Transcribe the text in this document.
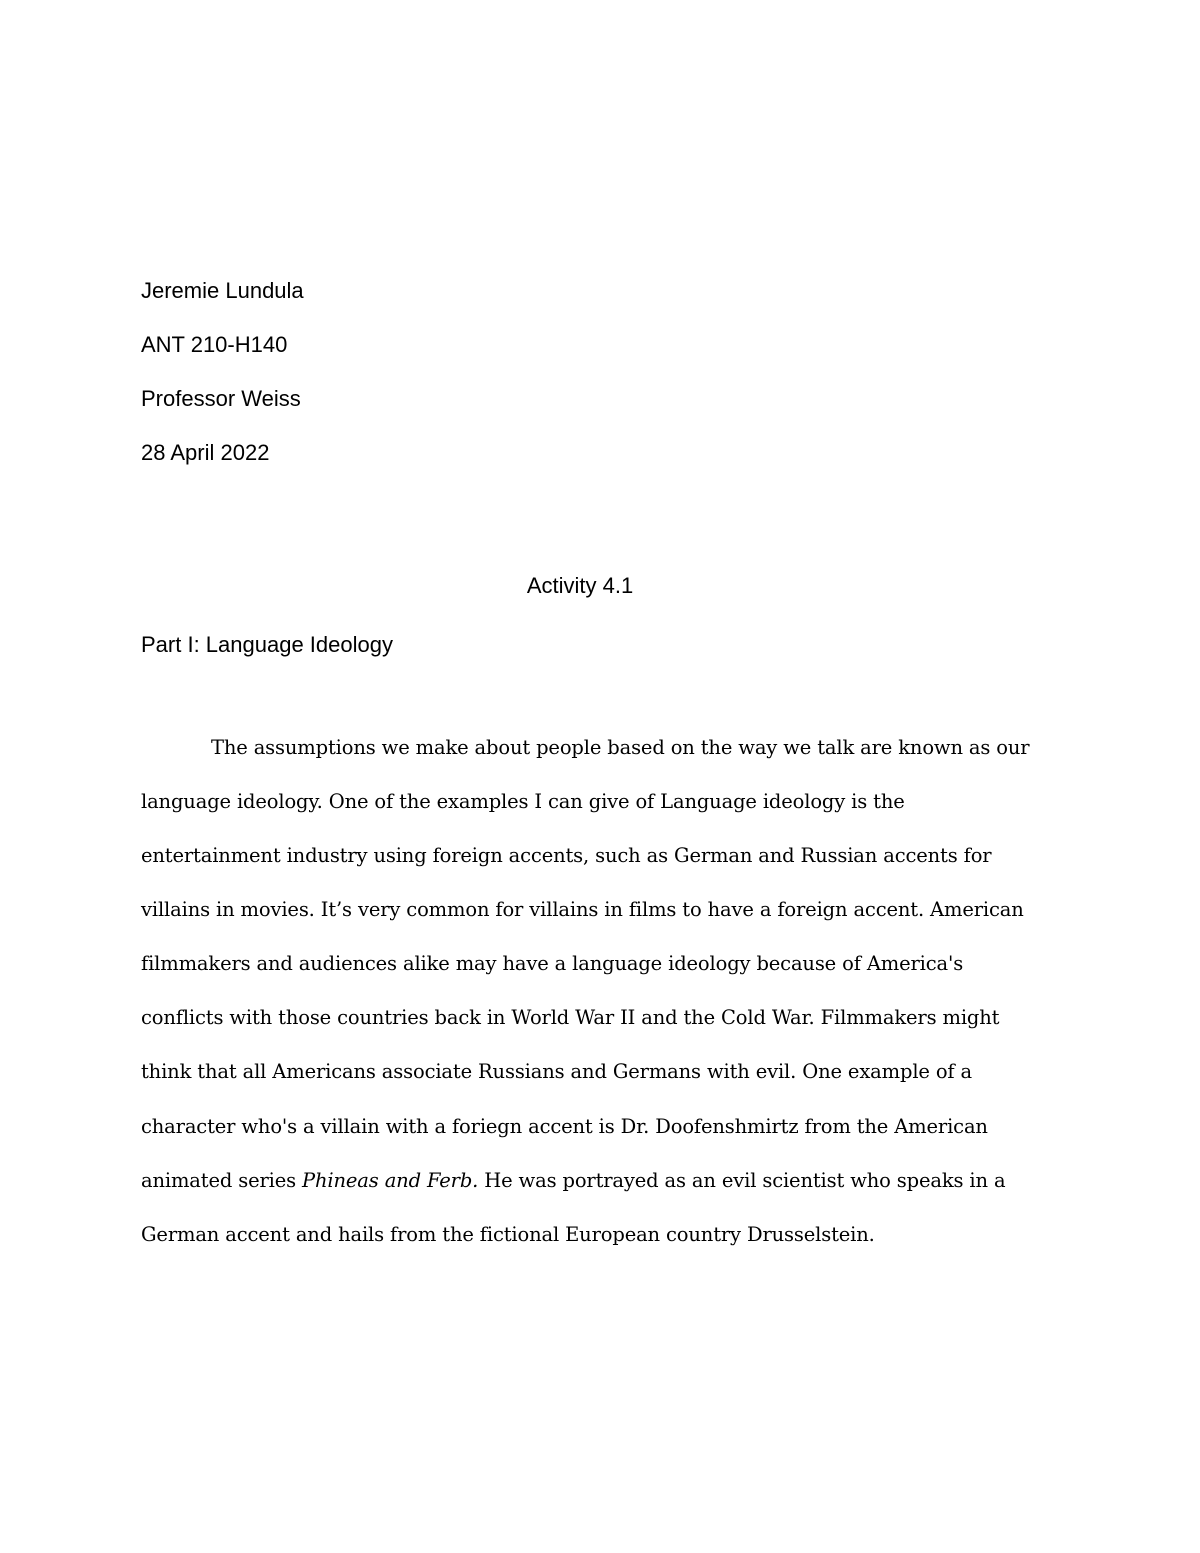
Jeremie Lundula
ANT 210-H140
Professor Weiss
28 April 2022
Activity 4.1
Part I: Language Ideology
The assumptions we make about people based on the way we talk are known as our
language ideology. One of the examples I can give of Language ideology is the
entertainment industry using foreign accents, such as German and Russian accents for
villains in movies. It’s very common for villains in films to have a foreign accent. American
filmmakers and audiences alike may have a language ideology because of America's
conflicts with those countries back in World War II and the Cold War. Filmmakers might
think that all Americans associate Russians and Germans with evil. One example of a
character who's a villain with a foriegn accent is Dr. Doofenshmirtz from the American
animated series Phineas and Ferb. He was portrayed as an evil scientist who speaks in a
German accent and hails from the fictional European country Drusselstein.
